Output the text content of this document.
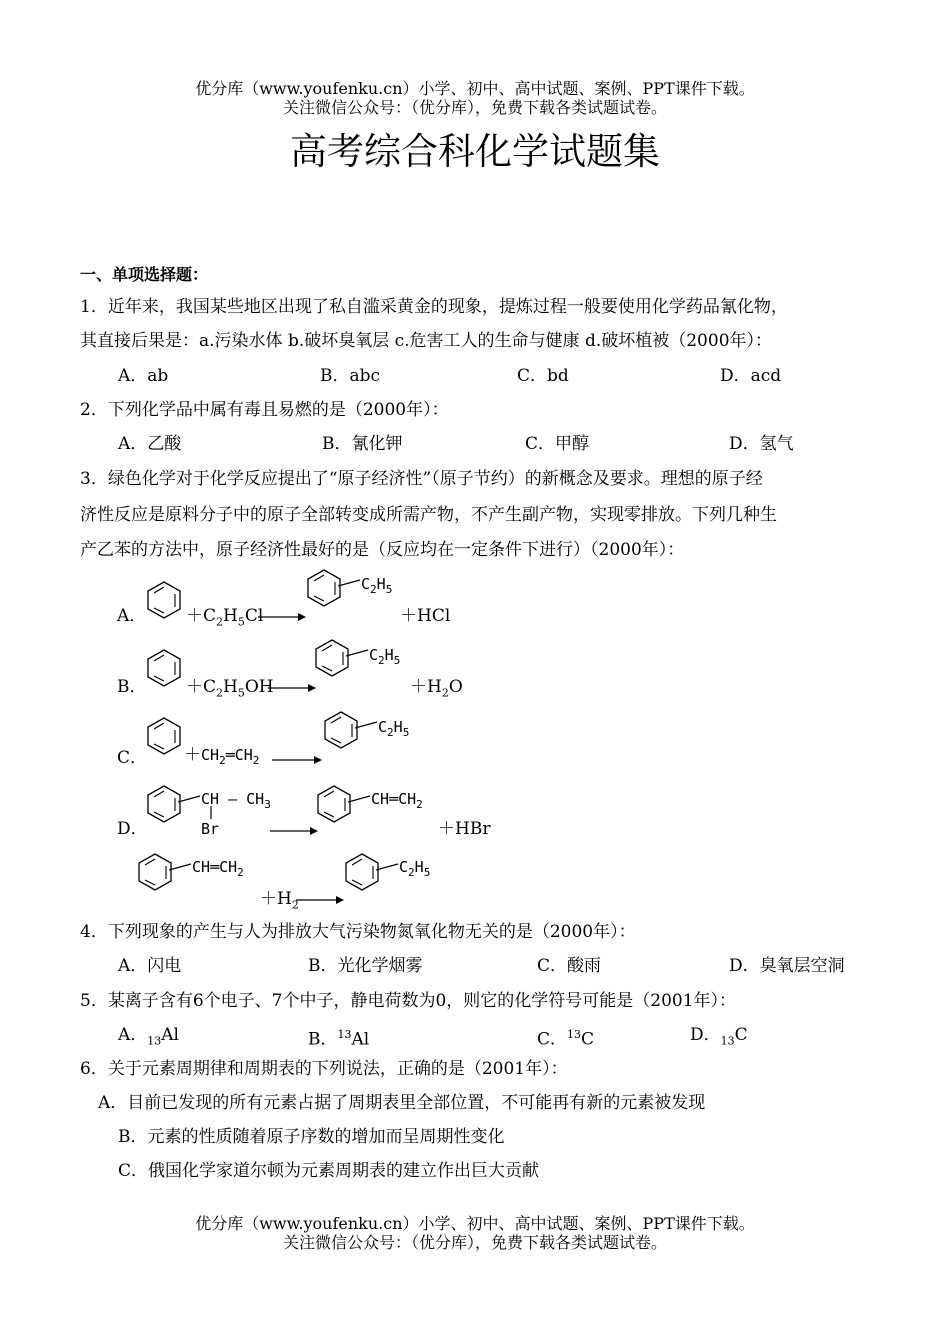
优分库（www.youfenku.cn）小学、初中、高中试题、案例、PPT课件下载。
关注微信公众号：（优分库），免费下载各类试题试卷。
高考综合科化学试题集
一、单项选择题：
1．近年来，我国某些地区出现了私自滥采黄金的现象，提炼过程一般要使用化学药品氰化物，
其直接后果是：a.污染水体 b.破坏臭氧层 c.危害工人的生命与健康 d.破坏植被（2000年）：
A．ab	B．abc	C．bd	D．acd
2．下列化学品中属有毒且易燃的是（2000年）：
A．乙酸	B．氰化钾	C．甲醇	D．氢气
3．绿色化学对于化学反应提出了“原子经济性”（原子节约）的新概念及要求。理想的原子经
济性反应是原料分子中的原子全部转变成所需产物，不产生副产物，实现零排放。下列几种生
产乙苯的方法中，原子经济性最好的是（反应均在一定条件下进行）（2000年）：
A． $+C_2H_5Cl$
$C_2H_5$
＋HCl
B． $+C_2H_5OH$
$C_2H_5$
$+H_2O$
C． $+CH_2═CH_2$
$C_2H_5$
D．
CH — $CH_3$
Br
$CH═CH_2$
＋HBr
$CH═CH_2$
$+H_2$
$C_2H_5$
4．下列现象的产生与人为排放大气污染物氮氧化物无关的是（2000年）：
A．闪电	B．光化学烟雾	C．酸雨	D．臭氧层空洞
5．某离子含有6个电子、7个中子，静电荷数为0，则它的化学符号可能是（2001年）：
A．$_{13}$Al	B．$^{13}$Al	C．$^{13}$C	D．$_{13}$C
6．关于元素周期律和周期表的下列说法，正确的是（2001年）：
A．目前已发现的所有元素占据了周期表里全部位置，不可能再有新的元素被发现
B．元素的性质随着原子序数的增加而呈周期性变化
C．俄国化学家道尔顿为元素周期表的建立作出巨大贡献
优分库（www.youfenku.cn）小学、初中、高中试题、案例、PPT课件下载。
关注微信公众号：（优分库），免费下载各类试题试卷。
